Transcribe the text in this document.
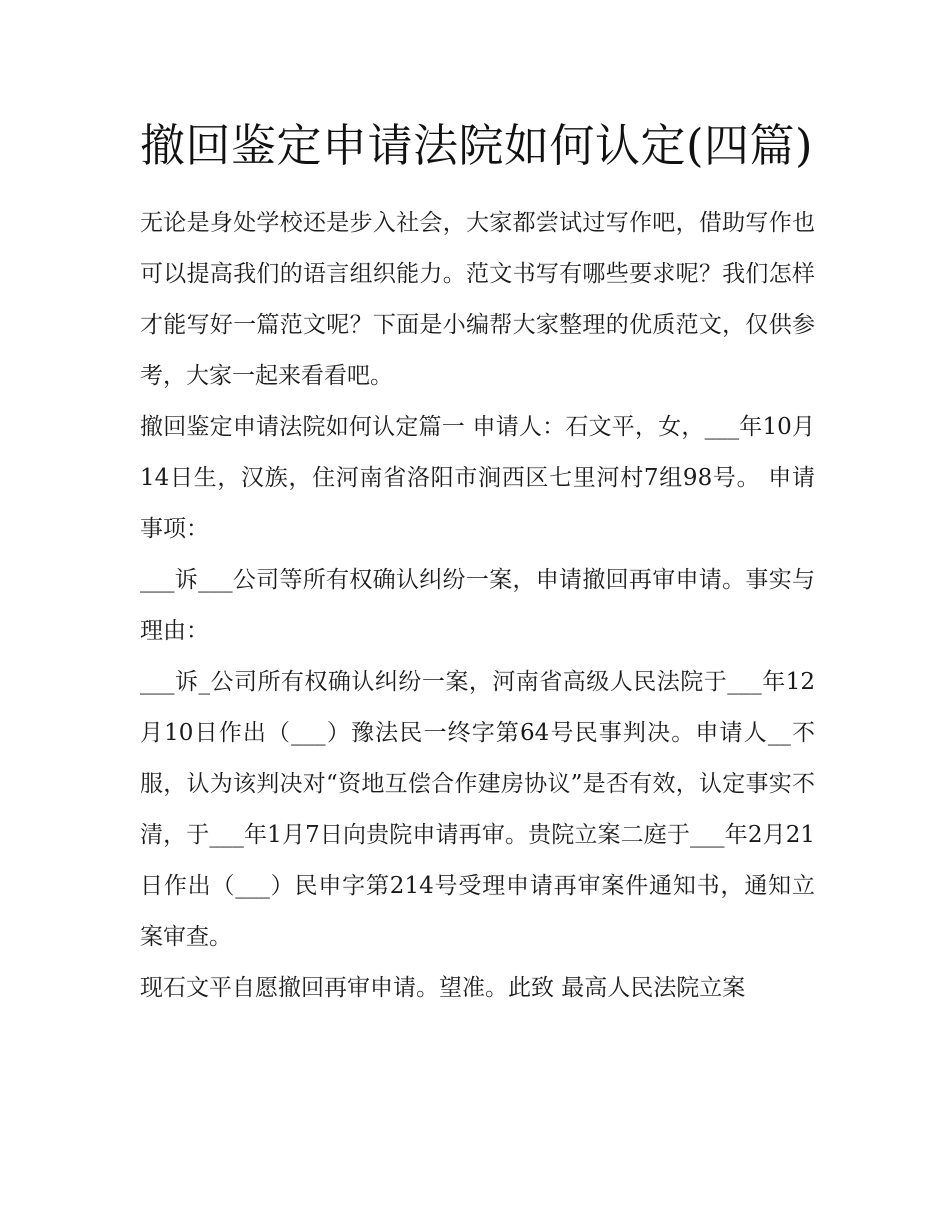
撤回鉴定申请法院如何认定(四篇)

无论是身处学校还是步入社会，大家都尝试过写作吧，借助写作也可以提高我们的语言组织能力。范文书写有哪些要求呢？我们怎样才能写好一篇范文呢？下面是小编帮大家整理的优质范文，仅供参考，大家一起来看看吧。

撤回鉴定申请法院如何认定篇一 申请人：石文平，女，___年10月14日生，汉族，住河南省洛阳市涧西区七里河村7组98号。 申请事项：

___诉___公司等所有权确认纠纷一案，申请撤回再审申请。事实与理由：

___诉_公司所有权确认纠纷一案，河南省高级人民法院于___年12月10日作出（___）豫法民一终字第64号民事判决。申请人__不服，认为该判决对“资地互偿合作建房协议”是否有效，认定事实不清，于___年1月7日向贵院申请再审。贵院立案二庭于___年2月21日作出（___）民申字第214号受理申请再审案件通知书，通知立案审查。

现石文平自愿撤回再审申请。望准。此致 最高人民法院立案
